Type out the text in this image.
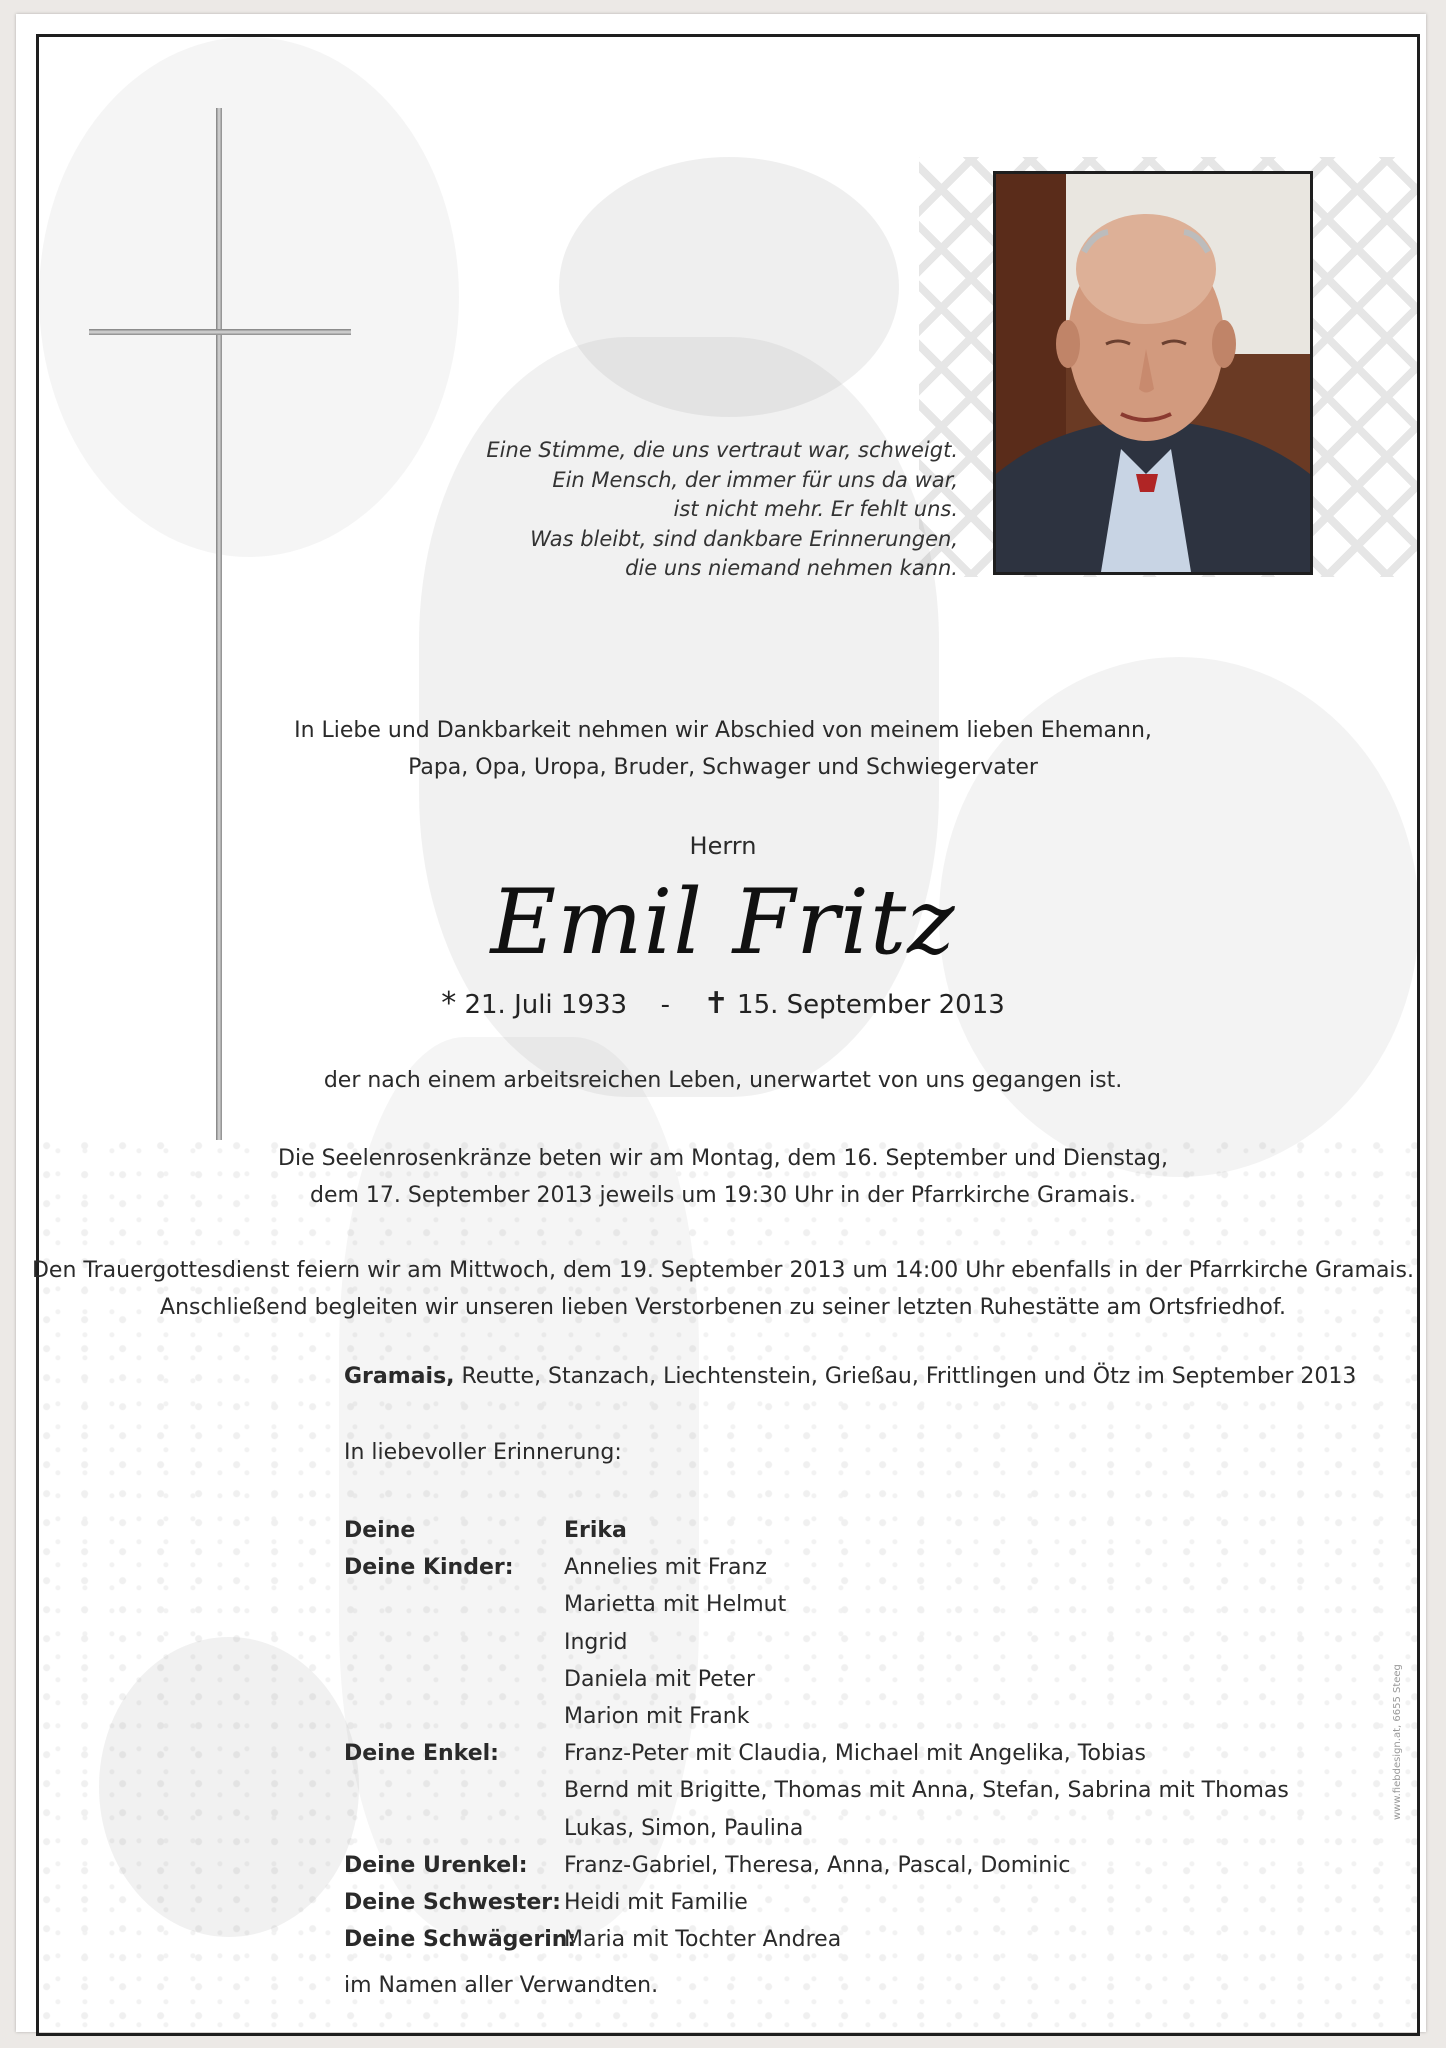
Eine Stimme, die uns vertraut war, schweigt.
Ein Mensch, der immer für uns da war,
ist nicht mehr. Er fehlt uns.
Was bleibt, sind dankbare Erinnerungen,
die uns niemand nehmen kann.
In Liebe und Dankbarkeit nehmen wir Abschied von meinem lieben Ehemann,
Papa, Opa, Uropa, Bruder, Schwager und Schwiegervater
Herrn
Emil Fritz
* 21. Juli 1933 - ✝ 15. September 2013
der nach einem arbeitsreichen Leben, unerwartet von uns gegangen ist.
Die Seelenrosenkränze beten wir am Montag, dem 16. September und Dienstag,
dem 17. September 2013 jeweils um 19:30 Uhr in der Pfarrkirche Gramais.
Den Trauergottesdienst feiern wir am Mittwoch, dem 19. September 2013 um 14:00 Uhr ebenfalls in der Pfarrkirche Gramais.
Anschließend begleiten wir unseren lieben Verstorbenen zu seiner letzten Ruhestätte am Ortsfriedhof.
Gramais, Reutte, Stanzach, Liechtenstein, Grießau, Frittlingen und Ötz im September 2013
In liebevoller Erinnerung:
Deine	Erika
Deine Kinder:	Annelies mit Franz
Marietta mit Helmut
Ingrid
Daniela mit Peter
Marion mit Frank
Deine Enkel:	Franz-Peter mit Claudia, Michael mit Angelika, Tobias
Bernd mit Brigitte, Thomas mit Anna, Stefan, Sabrina mit Thomas
Lukas, Simon, Paulina
Deine Urenkel:	Franz-Gabriel, Theresa, Anna, Pascal, Dominic
Deine Schwester: Heidi mit Familie
Deine Schwägerin:
Maria mit Tochter Andrea
im Namen aller Verwandten.
www.fiebdesign.at, 6655 Steeg
